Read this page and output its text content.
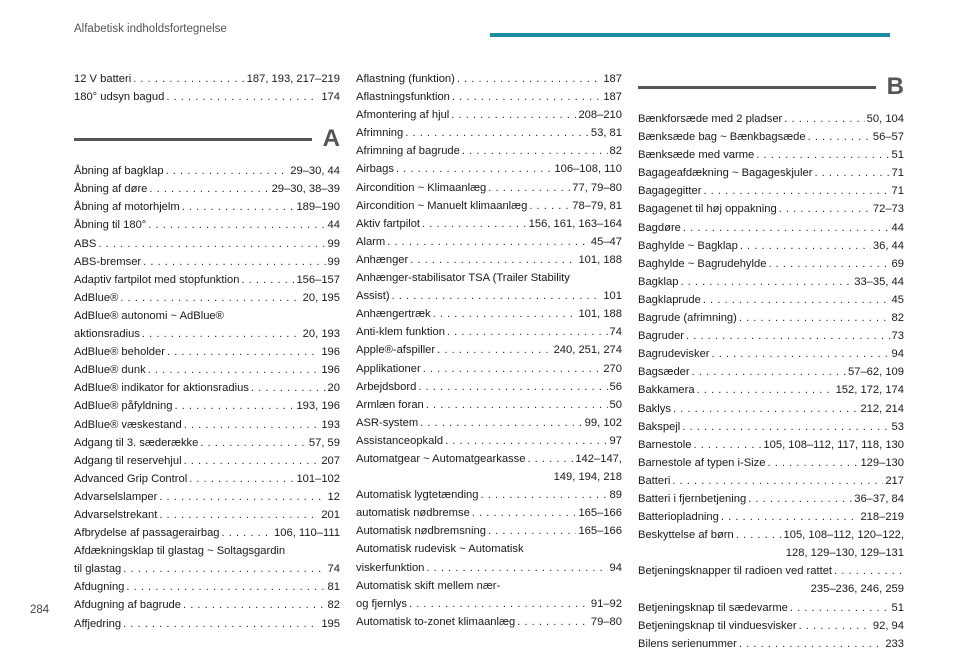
Alfabetisk indholdsfortegnelse
12 V batteri . . .	187, 193, 217–219
180° udsyn bagud . . .	174
A
Åbning af bagklap . . .	29–30, 44
Åbning af døre . . .	29–30, 38–39
Åbning af motorhjelm . . .	189–190
Åbning til 180° . . .	44
ABS . . .	99
ABS-bremser . . .	99
Adaptiv fartpilot med stopfunktion . . .	156–157
AdBlue® . . .	20, 195
AdBlue® autonomi ~ AdBlue®
aktionsradius . . .	20, 193
AdBlue® beholder . . .	196
AdBlue® dunk . . .	196
AdBlue® indikator for aktionsradius . . .	20
AdBlue® påfyldning . . .	193, 196
AdBlue® væskestand . . .	193
Adgang til 3. sæderække . . .	57, 59
Adgang til reservehjul . . .	207
Advanced Grip Control . . .	101–102
Advarselslamper . . .	12
Advarselstrekant . . .	201
Afbrydelse af passagerairbag . . .	106, 110–111
Afdækningsklap til glastag ~ Soltagsgardin
til glastag . . .	74
Afdugning . . .	81
Afdugning af bagrude . . .	82
Affjedring . . .	195
Aflastning (funktion) . . .	187
Aflastningsfunktion . . .	187
Afmontering af hjul . . .	208–210
Afrimning . . .	53, 81
Afrimning af bagrude . . .	82
Airbags . . .	106–108, 110
Aircondition ~ Klimaanlæg . . .	77, 79–80
Aircondition ~ Manuelt klimaanlæg . . .	78–79, 81
Aktiv fartpilot . . .	156, 161, 163–164
Alarm . . .	45–47
Anhænger . . .	101, 188
Anhænger-stabilisator TSA (Trailer Stability
Assist) . . .	101
Anhængertræk . . .	101, 188
Anti-klem funktion . . .	74
Apple®-afspiller . . .	240, 251, 274
Applikationer . . .	270
Arbejdsbord . . .	56
Armlæn foran . . .	50
ASR-system . . .	99, 102
Assistanceopkald . . .	97
Automatgear ~ Automatgearkasse . . .	142–147,
149, 194, 218
Automatisk lygtetænding . . .	89
automatisk nødbremse . . .	165–166
Automatisk nødbremsning . . .	165–166
Automatisk rudevisk ~ Automatisk
viskerfunktion . . .	94
Automatisk skift mellem nær-
og fjernlys . . .	91–92
Automatisk to-zonet klimaanlæg . . .	79–80
B
Bænkforsæde med 2 pladser . . .	50, 104
Bænksæde bag ~ Bænkbagsæde . . .	56–57
Bænksæde med varme . . .	51
Bagageafdækning ~ Bagageskjuler . . .	71
Bagagegitter . . .	71
Bagagenet til høj oppakning . . .	72–73
Bagdøre . . .	44
Baghylde ~ Bagklap . . .	36, 44
Baghylde ~ Bagrudehylde . . .	69
Bagklap . . .	33–35, 44
Bagklaprude . . .	45
Bagrude (afrimning) . . .	82
Bagruder . . .	73
Bagrudevisker . . .	94
Bagsæder . . .	57–62, 109
Bakkamera . . .	152, 172, 174
Baklys . . .	212, 214
Bakspejl . . .	53
Barnestole . . .	105, 108–112, 117, 118, 130
Barnestole af typen i-Size . . .	129–130
Batteri . . .	217
Batteri i fjernbetjening . . .	36–37, 84
Batteriopladning . . .	218–219
Beskyttelse af børn . . .	105, 108–112, 120–122,
128, 129–130, 129–131
Betjeningsknapper til radioen ved rattet
. . .
235–236, 246, 259
Betjeningsknap til sædevarme . . .	51
Betjeningsknap til vinduesvisker . . .	92, 94
Bilens serienummer . . .	233
284
